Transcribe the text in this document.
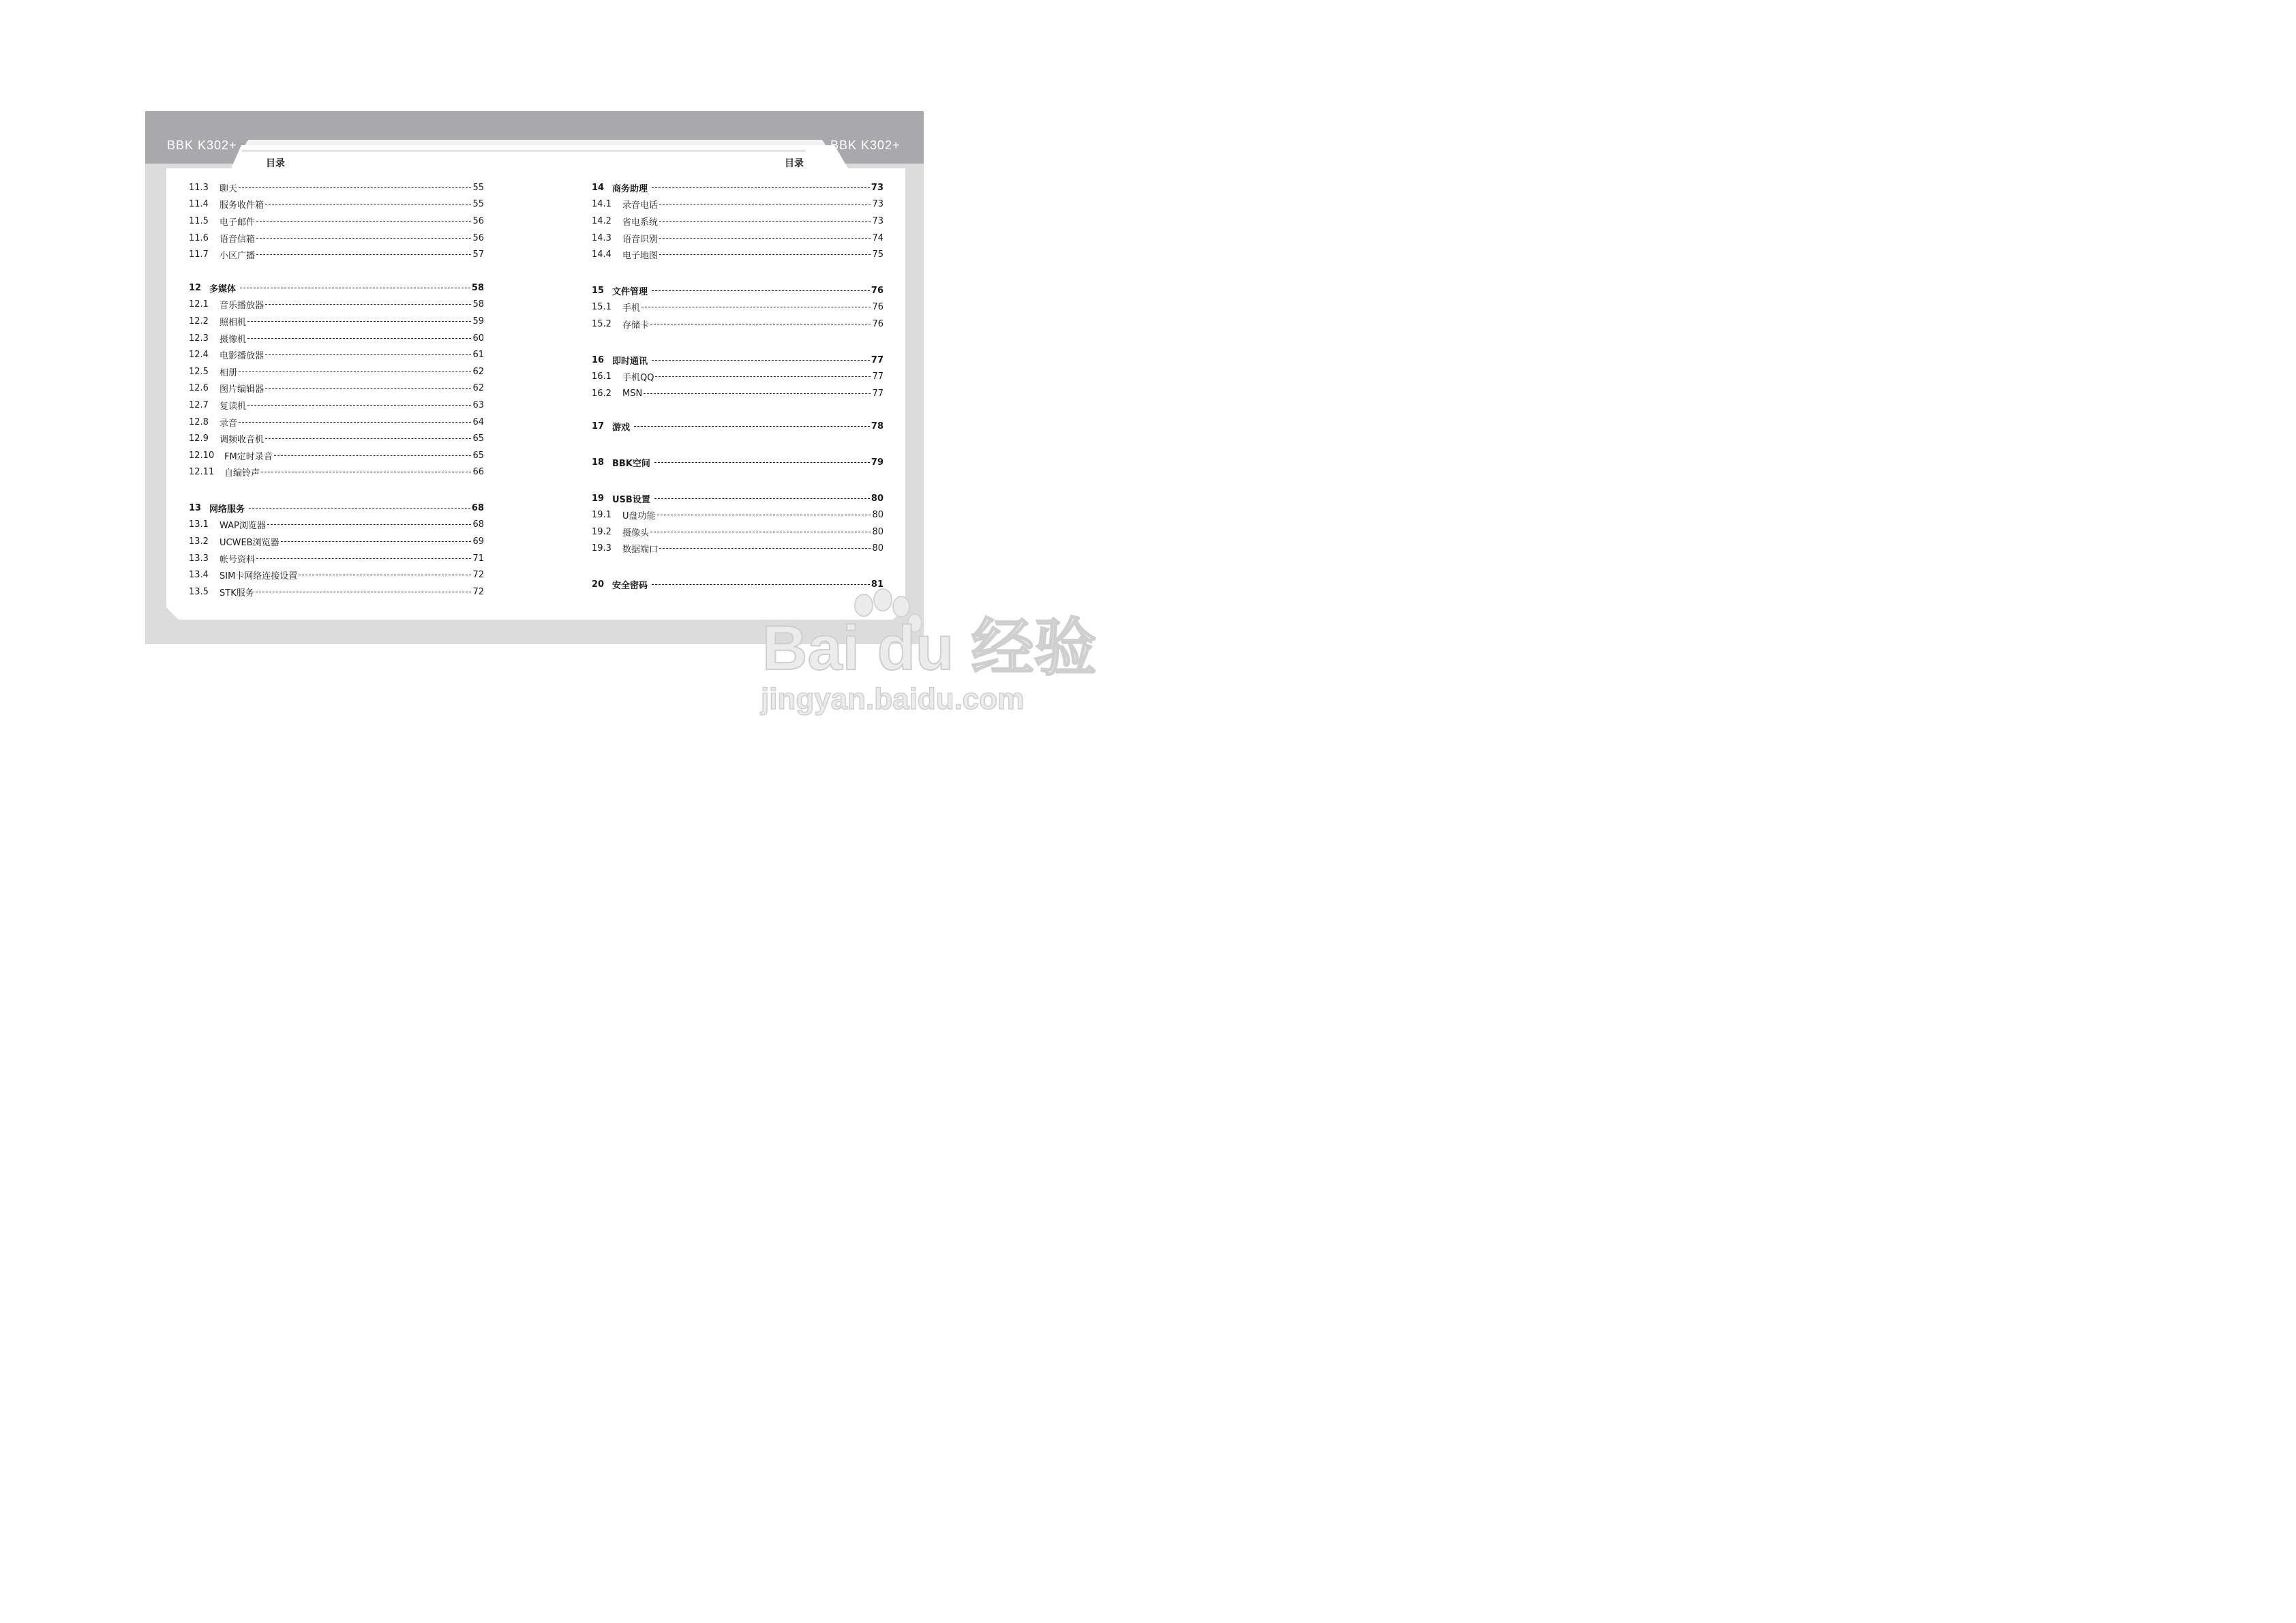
BBK K302+	BBK K302+
目录	目录
11.3	聊天	55
11.4	服务收件箱	55
11.5	电子邮件	56
11.6	语音信箱	56
11.7	小区广播	57
12 多媒体	58
12.1	音乐播放器	58
12.2	照相机	59
12.3	摄像机	60
12.4	电影播放器	61
12.5	相册	62
12.6	图片编辑器	62
12.7	复读机	63
12.8	录音	64
12.9	调频收音机	65
12.10	FM定时录音	65
12.11	自编铃声	66
13 网络服务	68
13.1	WAP浏览器	68
13.2	UCWEB浏览器	69
13.3	帐号资料	71
13.4	SIM卡网络连接设置	72
13.5	STK服务	72
14 商务助理	73
14.1	录音电话	73
14.2	省电系统	73
14.3	语音识别	74
14.4	电子地图	75
15 文件管理	76
15.1	手机	76
15.2	存储卡	76
16 即时通讯	77
16.1	手机QQ	77
16.2	MSN	77
17 游戏	78
18 BBK空间	79
19 USB设置	80
19.1	U盘功能	80
19.2	摄像头	80
19.3	数据端口	80
20 安全密码	81
Bai du 经验
jingyan.baidu.com
